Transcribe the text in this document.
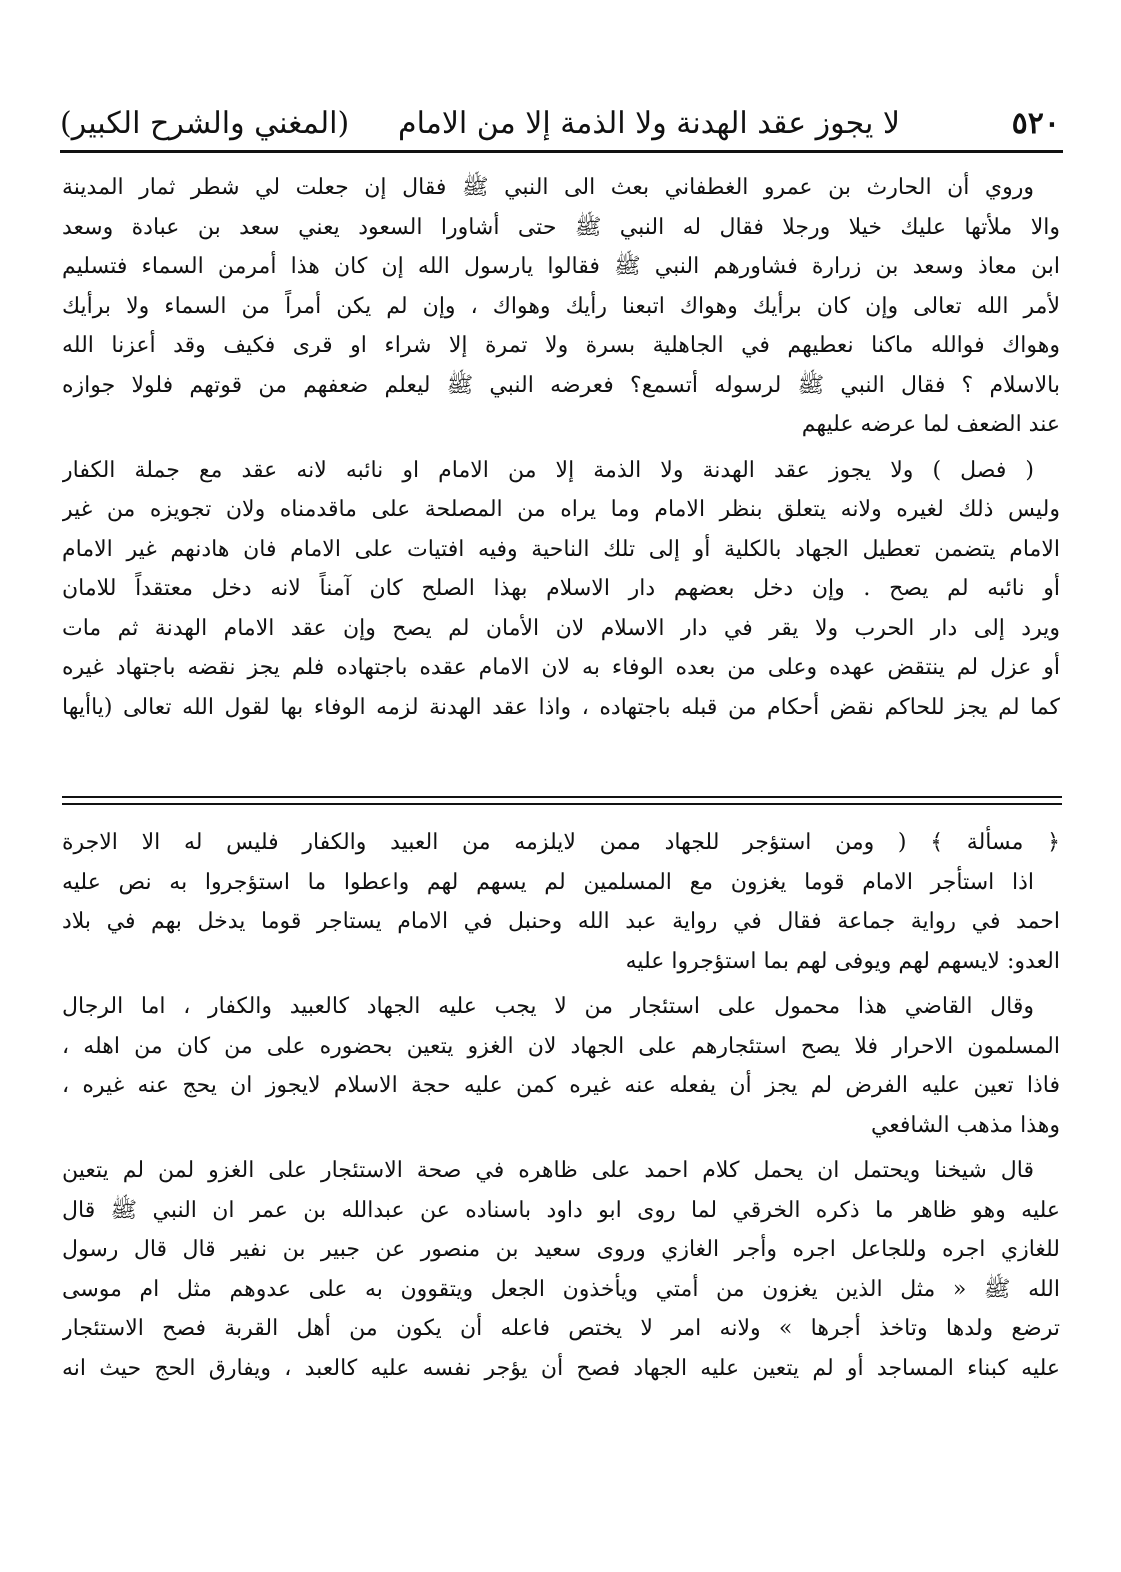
٥٢٠
لا يجوز عقد الهدنة ولا الذمة إلا من الامام
(المغني والشرح الكبير)
وروي أن الحارث بن عمرو الغطفاني بعث الى النبي ﷺ فقال إن جعلت لي شطر ثمار المدينة
والا ملأتها عليك خيلا ورجلا فقال له النبي ﷺ حتى أشاورا السعود يعني سعد بن عبادة وسعد
ابن معاذ وسعد بن زرارة فشاورهم النبي ﷺ فقالوا يارسول الله إن كان هذا أمرمن السماء فتسليم
لأمر الله تعالى وإن كان برأيك وهواك اتبعنا رأيك وهواك ، وإن لم يكن أمراً من السماء ولا برأيك
وهواك فوالله ماكنا نعطيهم في الجاهلية بسرة ولا تمرة إلا شراء او قرى فكيف وقد أعزنا الله
بالاسلام ؟ فقال النبي ﷺ لرسوله أتسمع؟ فعرضه النبي ﷺ ليعلم ضعفهم من قوتهم فلولا جوازه
عند الضعف لما عرضه عليهم
( فصل ) ولا يجوز عقد الهدنة ولا الذمة إلا من الامام او نائبه لانه عقد مع جملة الكفار
وليس ذلك لغيره ولانه يتعلق بنظر الامام وما يراه من المصلحة على ماقدمناه ولان تجويزه من غير
الامام يتضمن تعطيل الجهاد بالكلية أو إلى تلك الناحية وفيه افتيات على الامام فان هادنهم غير الامام
أو نائبه لم يصح . وإن دخل بعضهم دار الاسلام بهذا الصلح كان آمناً لانه دخل معتقداً للامان
ويرد إلى دار الحرب ولا يقر في دار الاسلام لان الأمان لم يصح وإن عقد الامام الهدنة ثم مات
أو عزل لم ينتقض عهده وعلى من بعده الوفاء به لان الامام عقده باجتهاده فلم يجز نقضه باجتهاد غيره
كما لم يجز للحاكم نقض أحكام من قبله باجتهاده ، واذا عقد الهدنة لزمه الوفاء بها لقول الله تعالى (ياأيها
﴿ مسألة ﴾ ( ومن استؤجر للجهاد ممن لايلزمه من العبيد والكفار فليس له الا الاجرة
اذا استأجر الامام قوما يغزون مع المسلمين لم يسهم لهم واعطوا ما استؤجروا به نص عليه
احمد في رواية جماعة فقال في رواية عبد الله وحنبل في الامام يستاجر قوما يدخل بهم في بلاد
العدو: لايسهم لهم ويوفى لهم بما استؤجروا عليه
وقال القاضي هذا محمول على استئجار من لا يجب عليه الجهاد كالعبيد والكفار ، اما الرجال
المسلمون الاحرار فلا يصح استئجارهم على الجهاد لان الغزو يتعين بحضوره على من كان من اهله ،
فاذا تعين عليه الفرض لم يجز أن يفعله عنه غيره كمن عليه حجة الاسلام لايجوز ان يحج عنه غيره ،
وهذا مذهب الشافعي
قال شيخنا ويحتمل ان يحمل كلام احمد على ظاهره في صحة الاستئجار على الغزو لمن لم يتعين
عليه وهو ظاهر ما ذكره الخرقي لما روى ابو داود باسناده عن عبدالله بن عمر ان النبي ﷺ قال
للغازي اجره وللجاعل اجره وأجر الغازي وروى سعيد بن منصور عن جبير بن نفير قال قال رسول
الله ﷺ « مثل الذين يغزون من أمتي ويأخذون الجعل ويتقوون به على عدوهم مثل ام موسى
ترضع ولدها وتاخذ أجرها » ولانه امر لا يختص فاعله أن يكون من أهل القربة فصح الاستئجار
عليه كبناء المساجد أو لم يتعين عليه الجهاد فصح أن يؤجر نفسه عليه كالعبد ، ويفارق الحج حيث انه
